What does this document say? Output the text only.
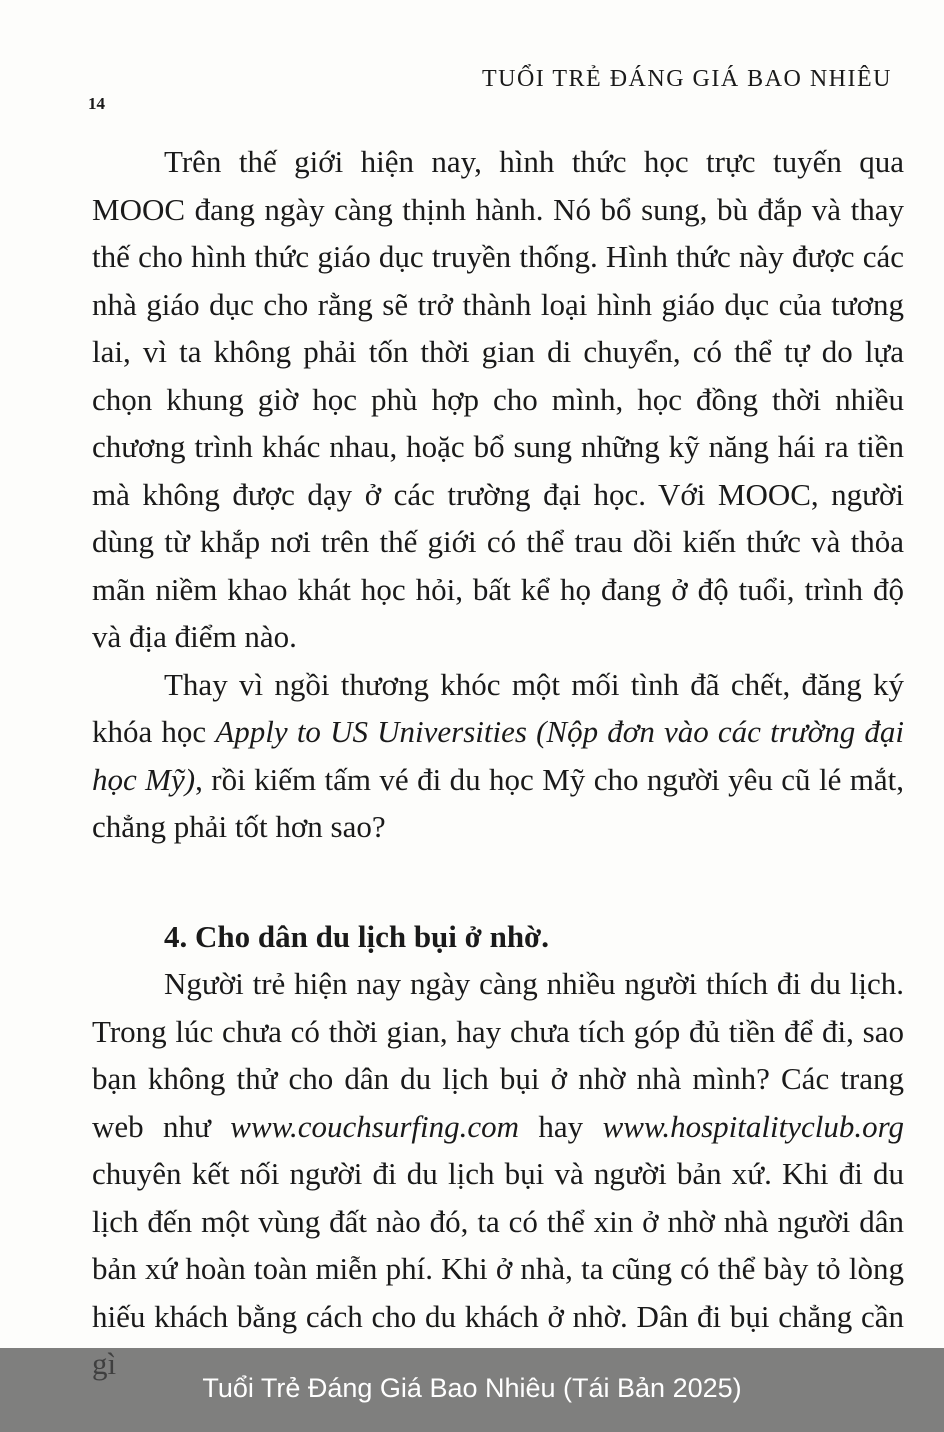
TUỔI TRẺ ĐÁNG GIÁ BAO NHIÊU
14

Trên thế giới hiện nay, hình thức học trực tuyến qua MOOC đang ngày càng thịnh hành. Nó bổ sung, bù đắp và thay thế cho hình thức giáo dục truyền thống. Hình thức này được các nhà giáo dục cho rằng sẽ trở thành loại hình giáo dục của tương lai, vì ta không phải tốn thời gian di chuyển, có thể tự do lựa chọn khung giờ học phù hợp cho mình, học đồng thời nhiều chương trình khác nhau, hoặc bổ sung những kỹ năng hái ra tiền mà không được dạy ở các trường đại học. Với MOOC, người dùng từ khắp nơi trên thế giới có thể trau dồi kiến thức và thỏa mãn niềm khao khát học hỏi, bất kể họ đang ở độ tuổi, trình độ và địa điểm nào.

Thay vì ngồi thương khóc một mối tình đã chết, đăng ký khóa học Apply to US Universities (Nộp đơn vào các trường đại học Mỹ), rồi kiếm tấm vé đi du học Mỹ cho người yêu cũ lé mắt, chẳng phải tốt hơn sao?

4. Cho dân du lịch bụi ở nhờ.

Người trẻ hiện nay ngày càng nhiều người thích đi du lịch. Trong lúc chưa có thời gian, hay chưa tích góp đủ tiền để đi, sao bạn không thử cho dân du lịch bụi ở nhờ nhà mình? Các trang web như www.couchsurfing.com hay www.hospitalityclub.org chuyên kết nối người đi du lịch bụi và người bản xứ. Khi đi du lịch đến một vùng đất nào đó, ta có thể xin ở nhờ nhà người dân bản xứ hoàn toàn miễn phí. Khi ở nhà, ta cũng có thể bày tỏ lòng hiếu khách bằng cách cho du khách ở nhờ. Dân đi bụi chẳng cần

Tuổi Trẻ Đáng Giá Bao Nhiêu (Tái Bản 2025)
